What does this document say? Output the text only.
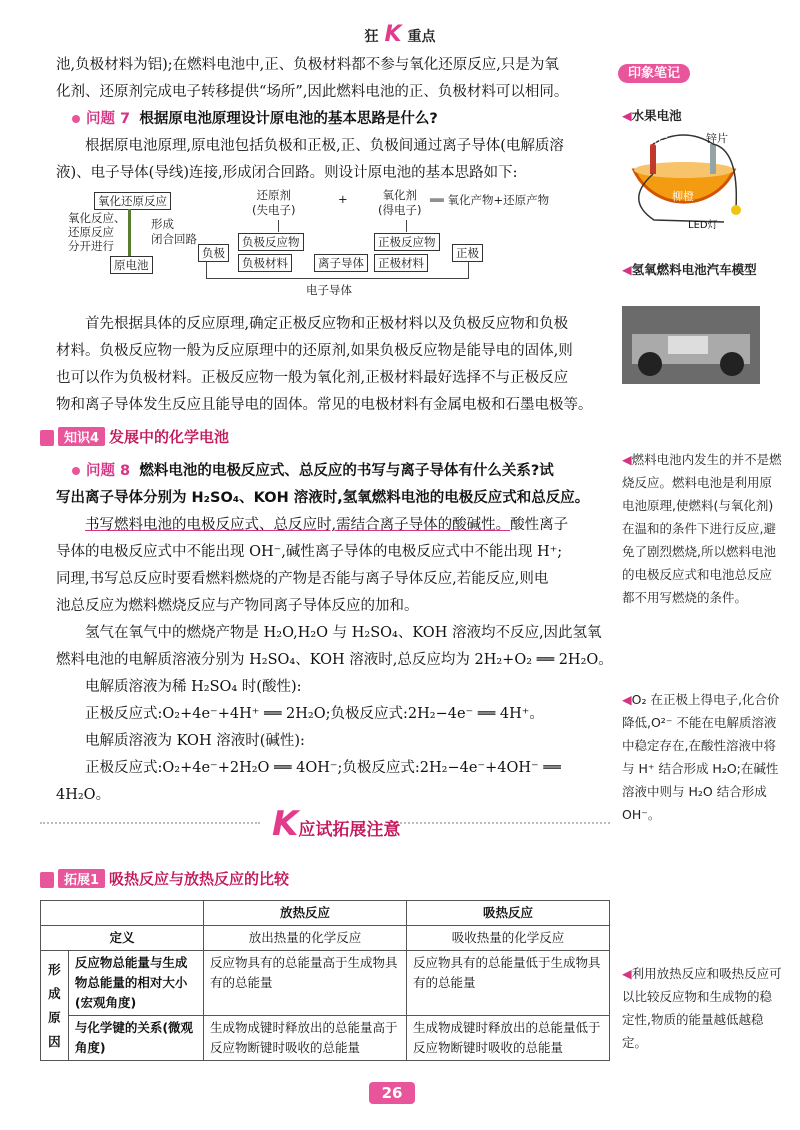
狂 K 重点

池,负极材料为铝);在燃料电池中,正、负极材料都不参与氧化还原反应,只是为氧

化剂、还原剂完成电子转移提供“场所”,因此燃料电池的正、负极材料可以相同。

问题 7 根据原电池原理设计原电池的基本思路是什么?

根据原电池原理,原电池包括负极和正极,正、负极间通过离子导体(电解质溶

液)、电子导体(导线)连接,形成闭合回路。则设计原电池的基本思路如下:

氧化还原反应
氧化反应、
还原反应
分开进行
形成
闭合回路
原电池
还原剂
(失电子)
+	氧化剂
(得电子)
══ 氧化产物+还原产物
负极反应物
负极材料
负极
离子导体
正极反应物
正极材料
正极
电子导体

首先根据具体的反应原理,确定正极反应物和正极材料以及负极反应物和负极

材料。负极反应物一般为反应原理中的还原剂,如果负极反应物是能导电的固体,则

也可以作为负极材料。正极反应物一般为氧化剂,正极材料最好选择不与正极反应

物和离子导体发生反应且能导电的固体。常见的电极材料有金属电极和石墨电极等。

知识4 发展中的化学电池

问题 8 燃料电池的电极反应式、总反应的书写与离子导体有什么关系?试

写出离子导体分别为 H₂SO₄、KOH 溶液时,氢氧燃料电池的电极反应式和总反应。

书写燃料电池的电极反应式、总反应时,需结合离子导体的酸碱性。酸性离子

导体的电极反应式中不能出现 OH⁻,碱性离子导体的电极反应式中不能出现 H⁺;

同理,书写总反应时要看燃料燃烧的产物是否能与离子导体反应,若能反应,则电

池总反应为燃料燃烧反应与产物同离子导体反应的加和。

氢气在氧气中的燃烧产物是 H₂O,H₂O 与 H₂SO₄、KOH 溶液均不反应,因此氢氧

燃料电池的电解质溶液分别为 H₂SO₄、KOH 溶液时,总反应均为 2H₂+O₂ ══ 2H₂O。

电解质溶液为稀 H₂SO₄ 时(酸性):

正极反应式:O₂+4e⁻+4H⁺ ══ 2H₂O;负极反应式:2H₂−4e⁻ ══ 4H⁺。

电解质溶液为 KOH 溶液时(碱性):

正极反应式:O₂+4e⁻+2H₂O ══ 4OH⁻;负极反应式:2H₂−4e⁻+4OH⁻ ══ 4H₂O。

K应试拓展注意
拓展1 吸热反应与放热反应的比较
		放热反应	吸热反应
定义		放出热量的化学反应	吸收热量的化学反应
形成原因	反应物总能量与生成物总能量的相对大小(宏观角度)	反应物具有的总能量高于生成物具有的总能量	反应物具有的总能量低于生成物具有的总能量
	与化学键的关系(微观角度)	生成物成键时释放出的总能量高于反应物断键时吸收的总能量	生成物成键时释放出的总能量低于反应物断键时吸收的总能量
印象笔记
◀水果电池
铜片	锌片
柳橙
LED灯
◀氢氧燃料电池汽车模型
◀燃料电池内发生的并不是燃烧反应。燃料电池是利用原电池原理,使燃料(与氧化剂)在温和的条件下进行反应,避免了剧烈燃烧,所以燃料电池的电极反应式和电池总反应都不用写燃烧的条件。
◀O₂ 在正极上得电子,化合价降低,O²⁻ 不能在电解质溶液中稳定存在,在酸性溶液中将与 H⁺ 结合形成 H₂O;在碱性溶液中则与 H₂O 结合形成 OH⁻。
◀利用放热反应和吸热反应可以比较反应物和生成物的稳定性,物质的能量越低越稳定。
26
